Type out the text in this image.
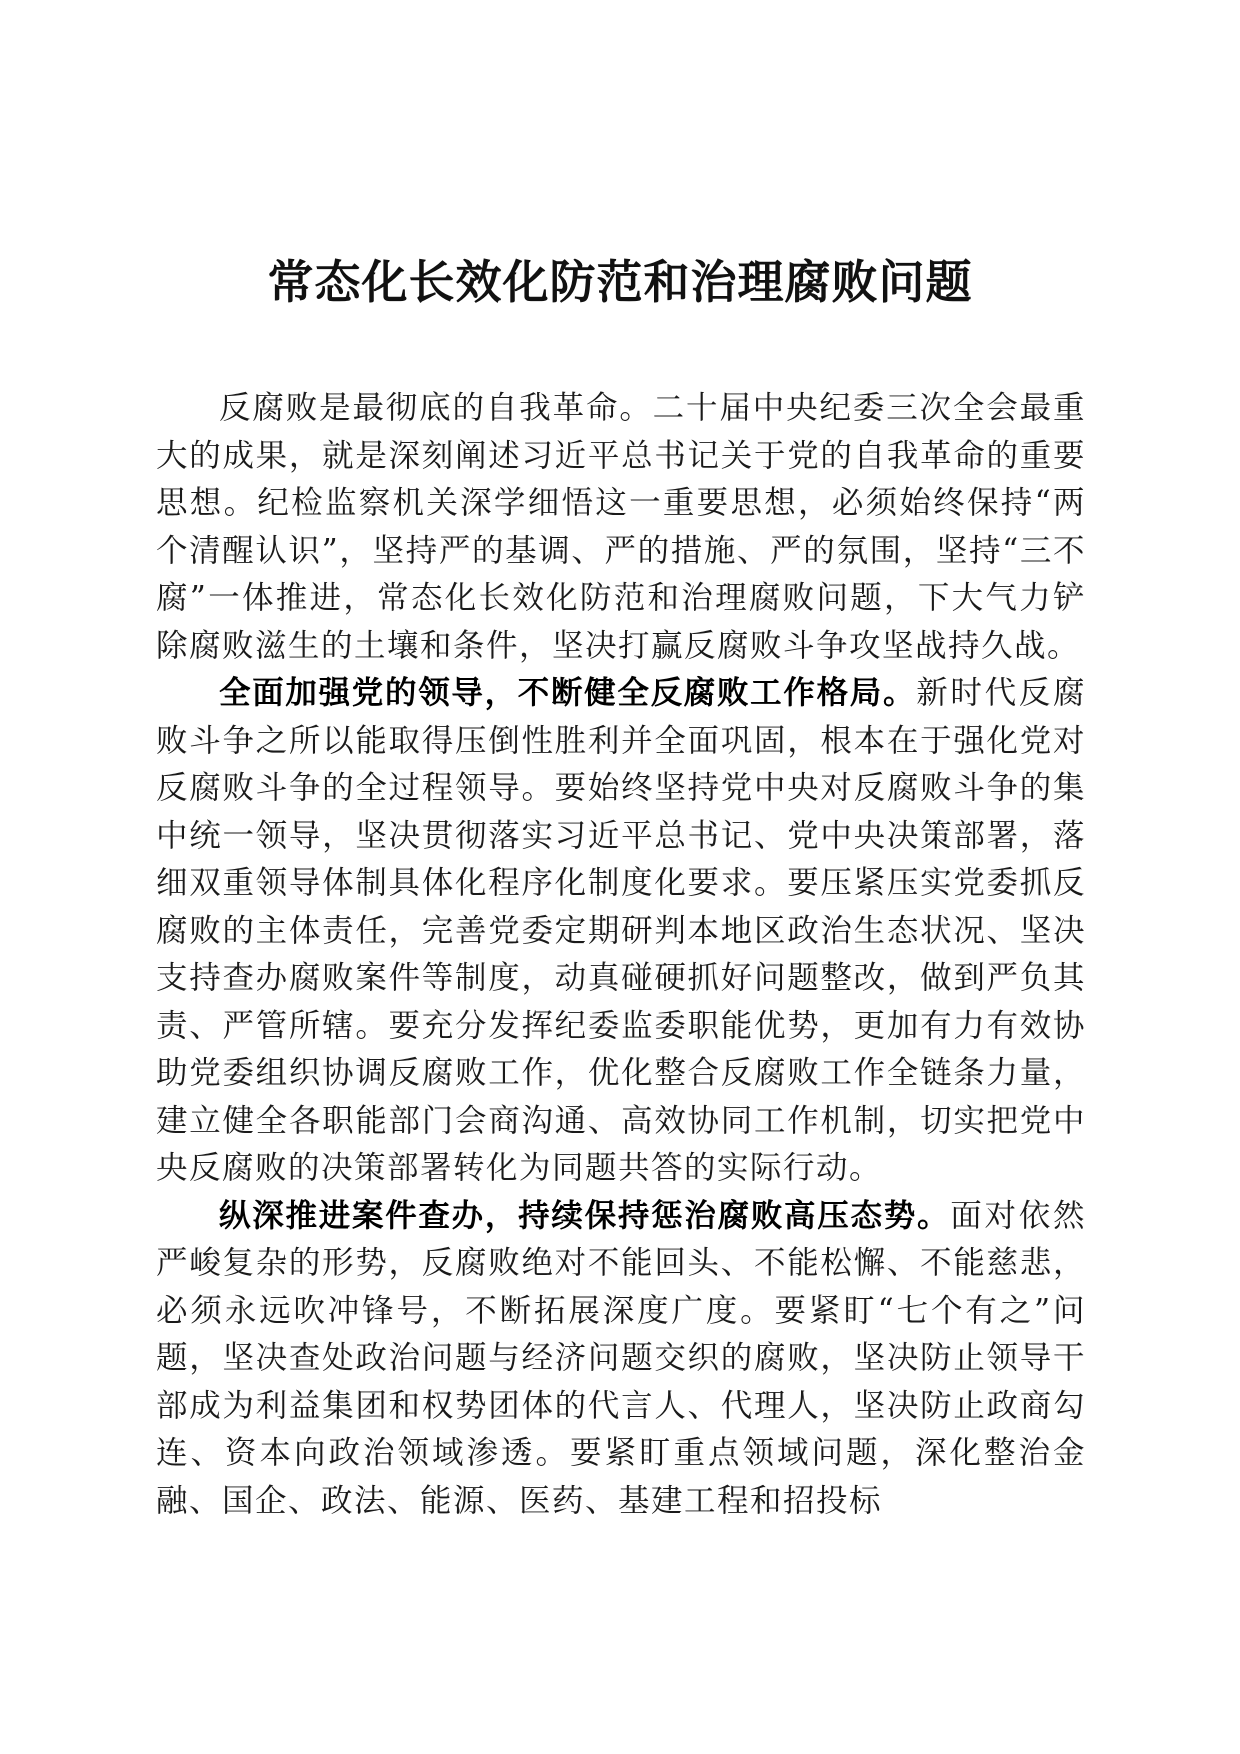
常态化长效化防范和治理腐败问题

反腐败是最彻底的自我革命。二十届中央纪委三次全会最重大的成果，就是深刻阐述习近平总书记关于党的自我革命的重要思想。纪检监察机关深学细悟这一重要思想，必须始终保持“两个清醒认识”，坚持严的基调、严的措施、严的氛围，坚持“三不腐”一体推进，常态化长效化防范和治理腐败问题，下大气力铲除腐败滋生的土壤和条件，坚决打赢反腐败斗争攻坚战持久战。

全面加强党的领导，不断健全反腐败工作格局。新时代反腐败斗争之所以能取得压倒性胜利并全面巩固，根本在于强化党对反腐败斗争的全过程领导。要始终坚持党中央对反腐败斗争的集中统一领导，坚决贯彻落实习近平总书记、党中央决策部署，落细双重领导体制具体化程序化制度化要求。要压紧压实党委抓反腐败的主体责任，完善党委定期研判本地区政治生态状况、坚决支持查办腐败案件等制度，动真碰硬抓好问题整改，做到严负其责、严管所辖。要充分发挥纪委监委职能优势，更加有力有效协助党委组织协调反腐败工作，优化整合反腐败工作全链条力量，建立健全各职能部门会商沟通、高效协同工作机制，切实把党中央反腐败的决策部署转化为同题共答的实际行动。

纵深推进案件查办，持续保持惩治腐败高压态势。面对依然严峻复杂的形势，反腐败绝对不能回头、不能松懈、不能慈悲，必须永远吹冲锋号，不断拓展深度广度。要紧盯“七个有之”问题，坚决查处政治问题与经济问题交织的腐败，坚决防止领导干部成为利益集团和权势团体的代言人、代理人，坚决防止政商勾连、资本向政治领域渗透。要紧盯重点领域问题，深化整治金融、国企、政法、能源、医药、基建工程和招投标
